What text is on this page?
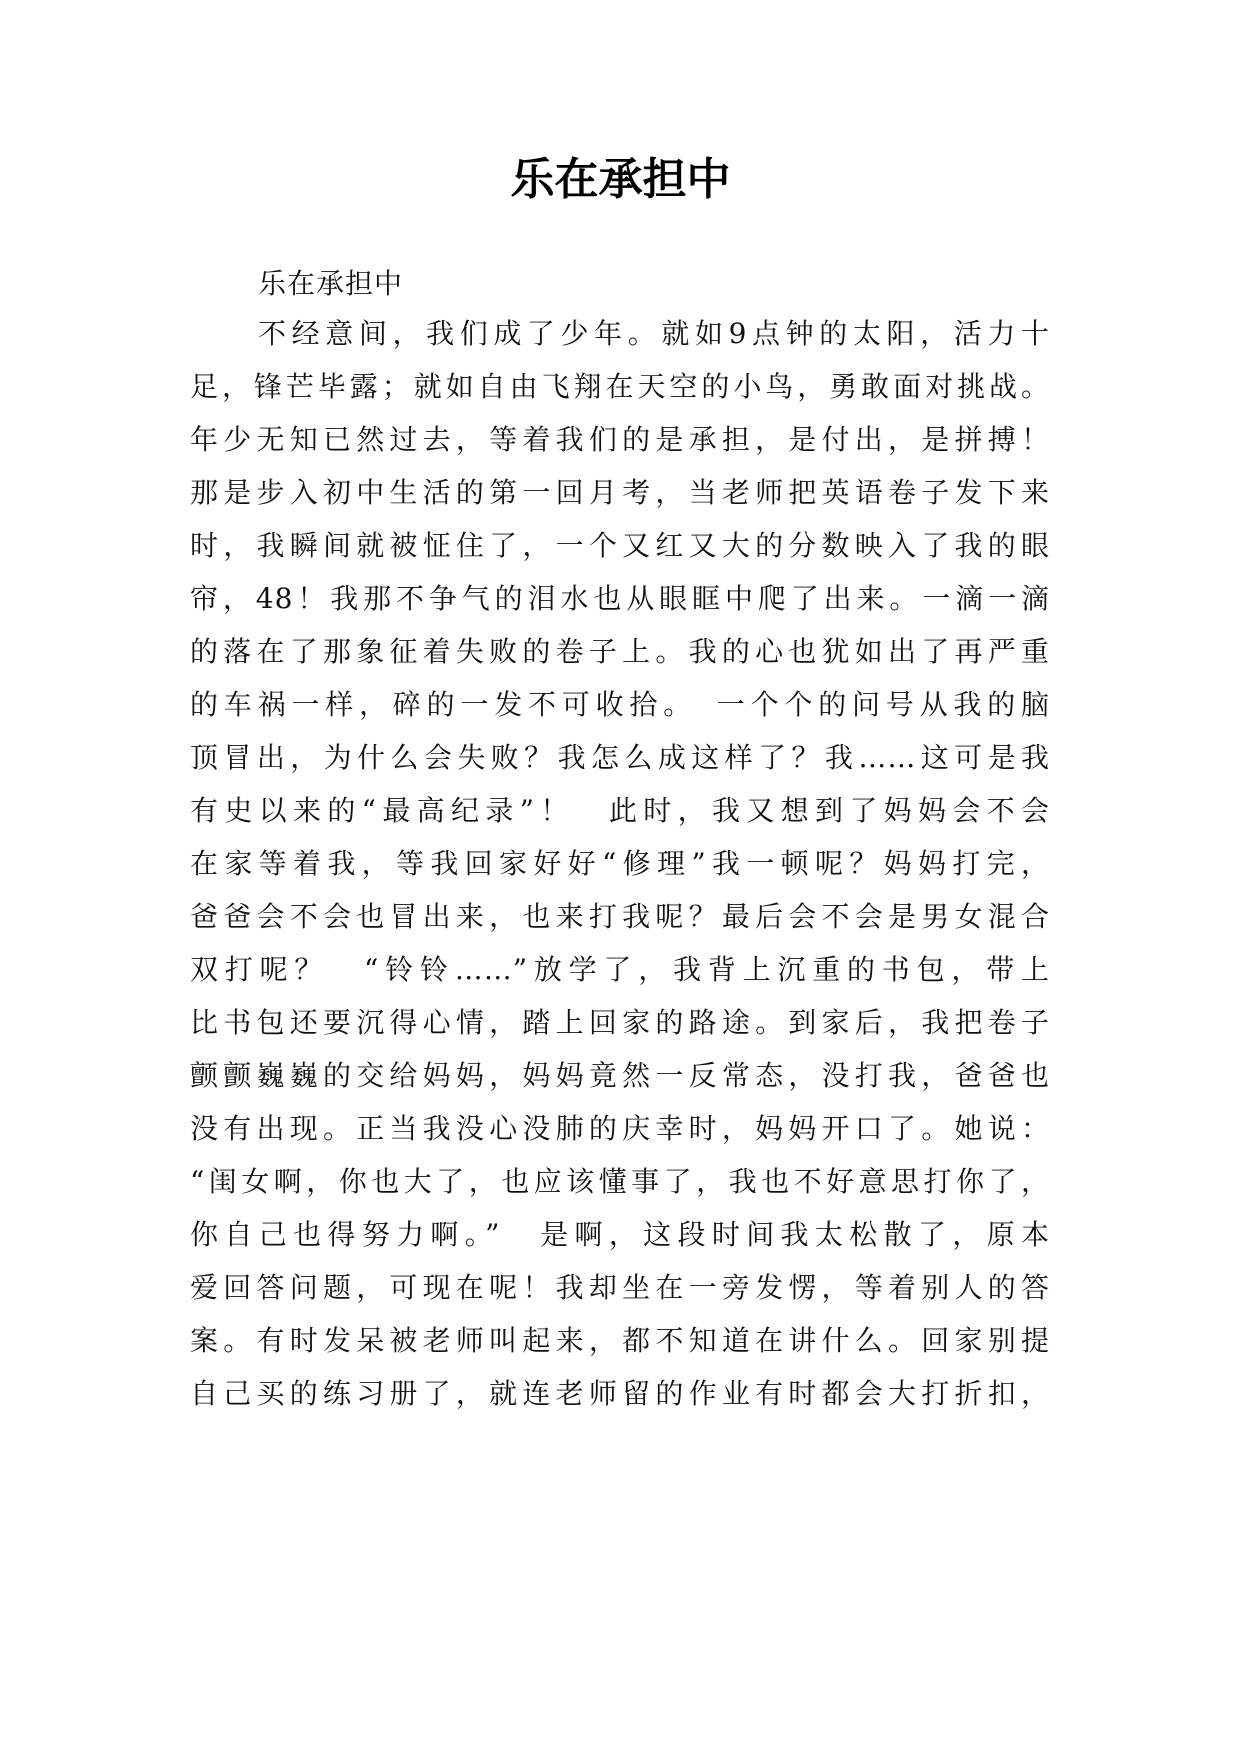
乐在承担中
乐在承担中
不经意间，我们成了少年。就如9点钟的太阳，活力十
足，锋芒毕露；就如自由飞翔在天空的小鸟，勇敢面对挑战。
年少无知已然过去，等着我们的是承担，是付出，是拼搏！
那是步入初中生活的第一回月考，当老师把英语卷子发下来
时，我瞬间就被怔住了，一个又红又大的分数映入了我的眼
帘，48！我那不争气的泪水也从眼眶中爬了出来。一滴一滴
的落在了那象征着失败的卷子上。我的心也犹如出了再严重
的车祸一样，碎的一发不可收拾。　一个个的问号从我的脑
顶冒出，为什么会失败？我怎么成这样了？我……这可是我
有史以来的“最高纪录”！　此时，我又想到了妈妈会不会
在家等着我，等我回家好好“修理”我一顿呢？妈妈打完，
爸爸会不会也冒出来，也来打我呢？最后会不会是男女混合
双打呢？　“铃铃……”放学了，我背上沉重的书包，带上
比书包还要沉得心情，踏上回家的路途。到家后，我把卷子
颤颤巍巍的交给妈妈，妈妈竟然一反常态，没打我，爸爸也
没有出现。正当我没心没肺的庆幸时，妈妈开口了。她说：
“闺女啊，你也大了，也应该懂事了，我也不好意思打你了，
你自己也得努力啊。”　是啊，这段时间我太松散了，原本
爱回答问题，可现在呢！我却坐在一旁发愣，等着别人的答
案。有时发呆被老师叫起来，都不知道在讲什么。回家别提
自己买的练习册了，就连老师留的作业有时都会大打折扣，
